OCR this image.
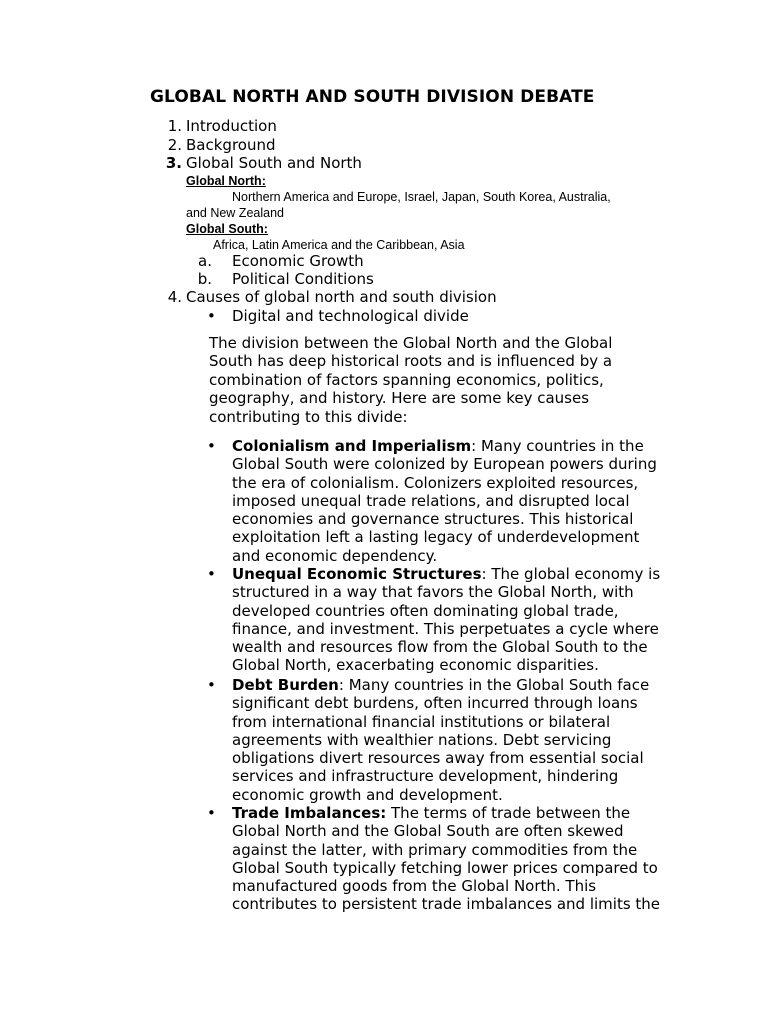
GLOBAL NORTH AND SOUTH DIVISION DEBATE
1. Introduction
2. Background
3. Global South and North
Global North:
Northern America and Europe, Israel, Japan, South Korea, Australia,
and New Zealand
Global South:
Africa, Latin America and the Caribbean, Asia
a. Economic Growth
b. Political Conditions
4. Causes of global north and south division
• Digital and technological divide
The division between the Global North and the Global
South has deep historical roots and is influenced by a
combination of factors spanning economics, politics,
geography, and history. Here are some key causes
contributing to this divide:
• Colonialism and Imperialism: Many countries in the
Global South were colonized by European powers during
the era of colonialism. Colonizers exploited resources,
imposed unequal trade relations, and disrupted local
economies and governance structures. This historical
exploitation left a lasting legacy of underdevelopment
and economic dependency.
• Unequal Economic Structures: The global economy is
structured in a way that favors the Global North, with
developed countries often dominating global trade,
finance, and investment. This perpetuates a cycle where
wealth and resources flow from the Global South to the
Global North, exacerbating economic disparities.
• Debt Burden: Many countries in the Global South face
significant debt burdens, often incurred through loans
from international financial institutions or bilateral
agreements with wealthier nations. Debt servicing
obligations divert resources away from essential social
services and infrastructure development, hindering
economic growth and development.
• Trade Imbalances: The terms of trade between the
Global North and the Global South are often skewed
against the latter, with primary commodities from the
Global South typically fetching lower prices compared to
manufactured goods from the Global North. This
contributes to persistent trade imbalances and limits the
